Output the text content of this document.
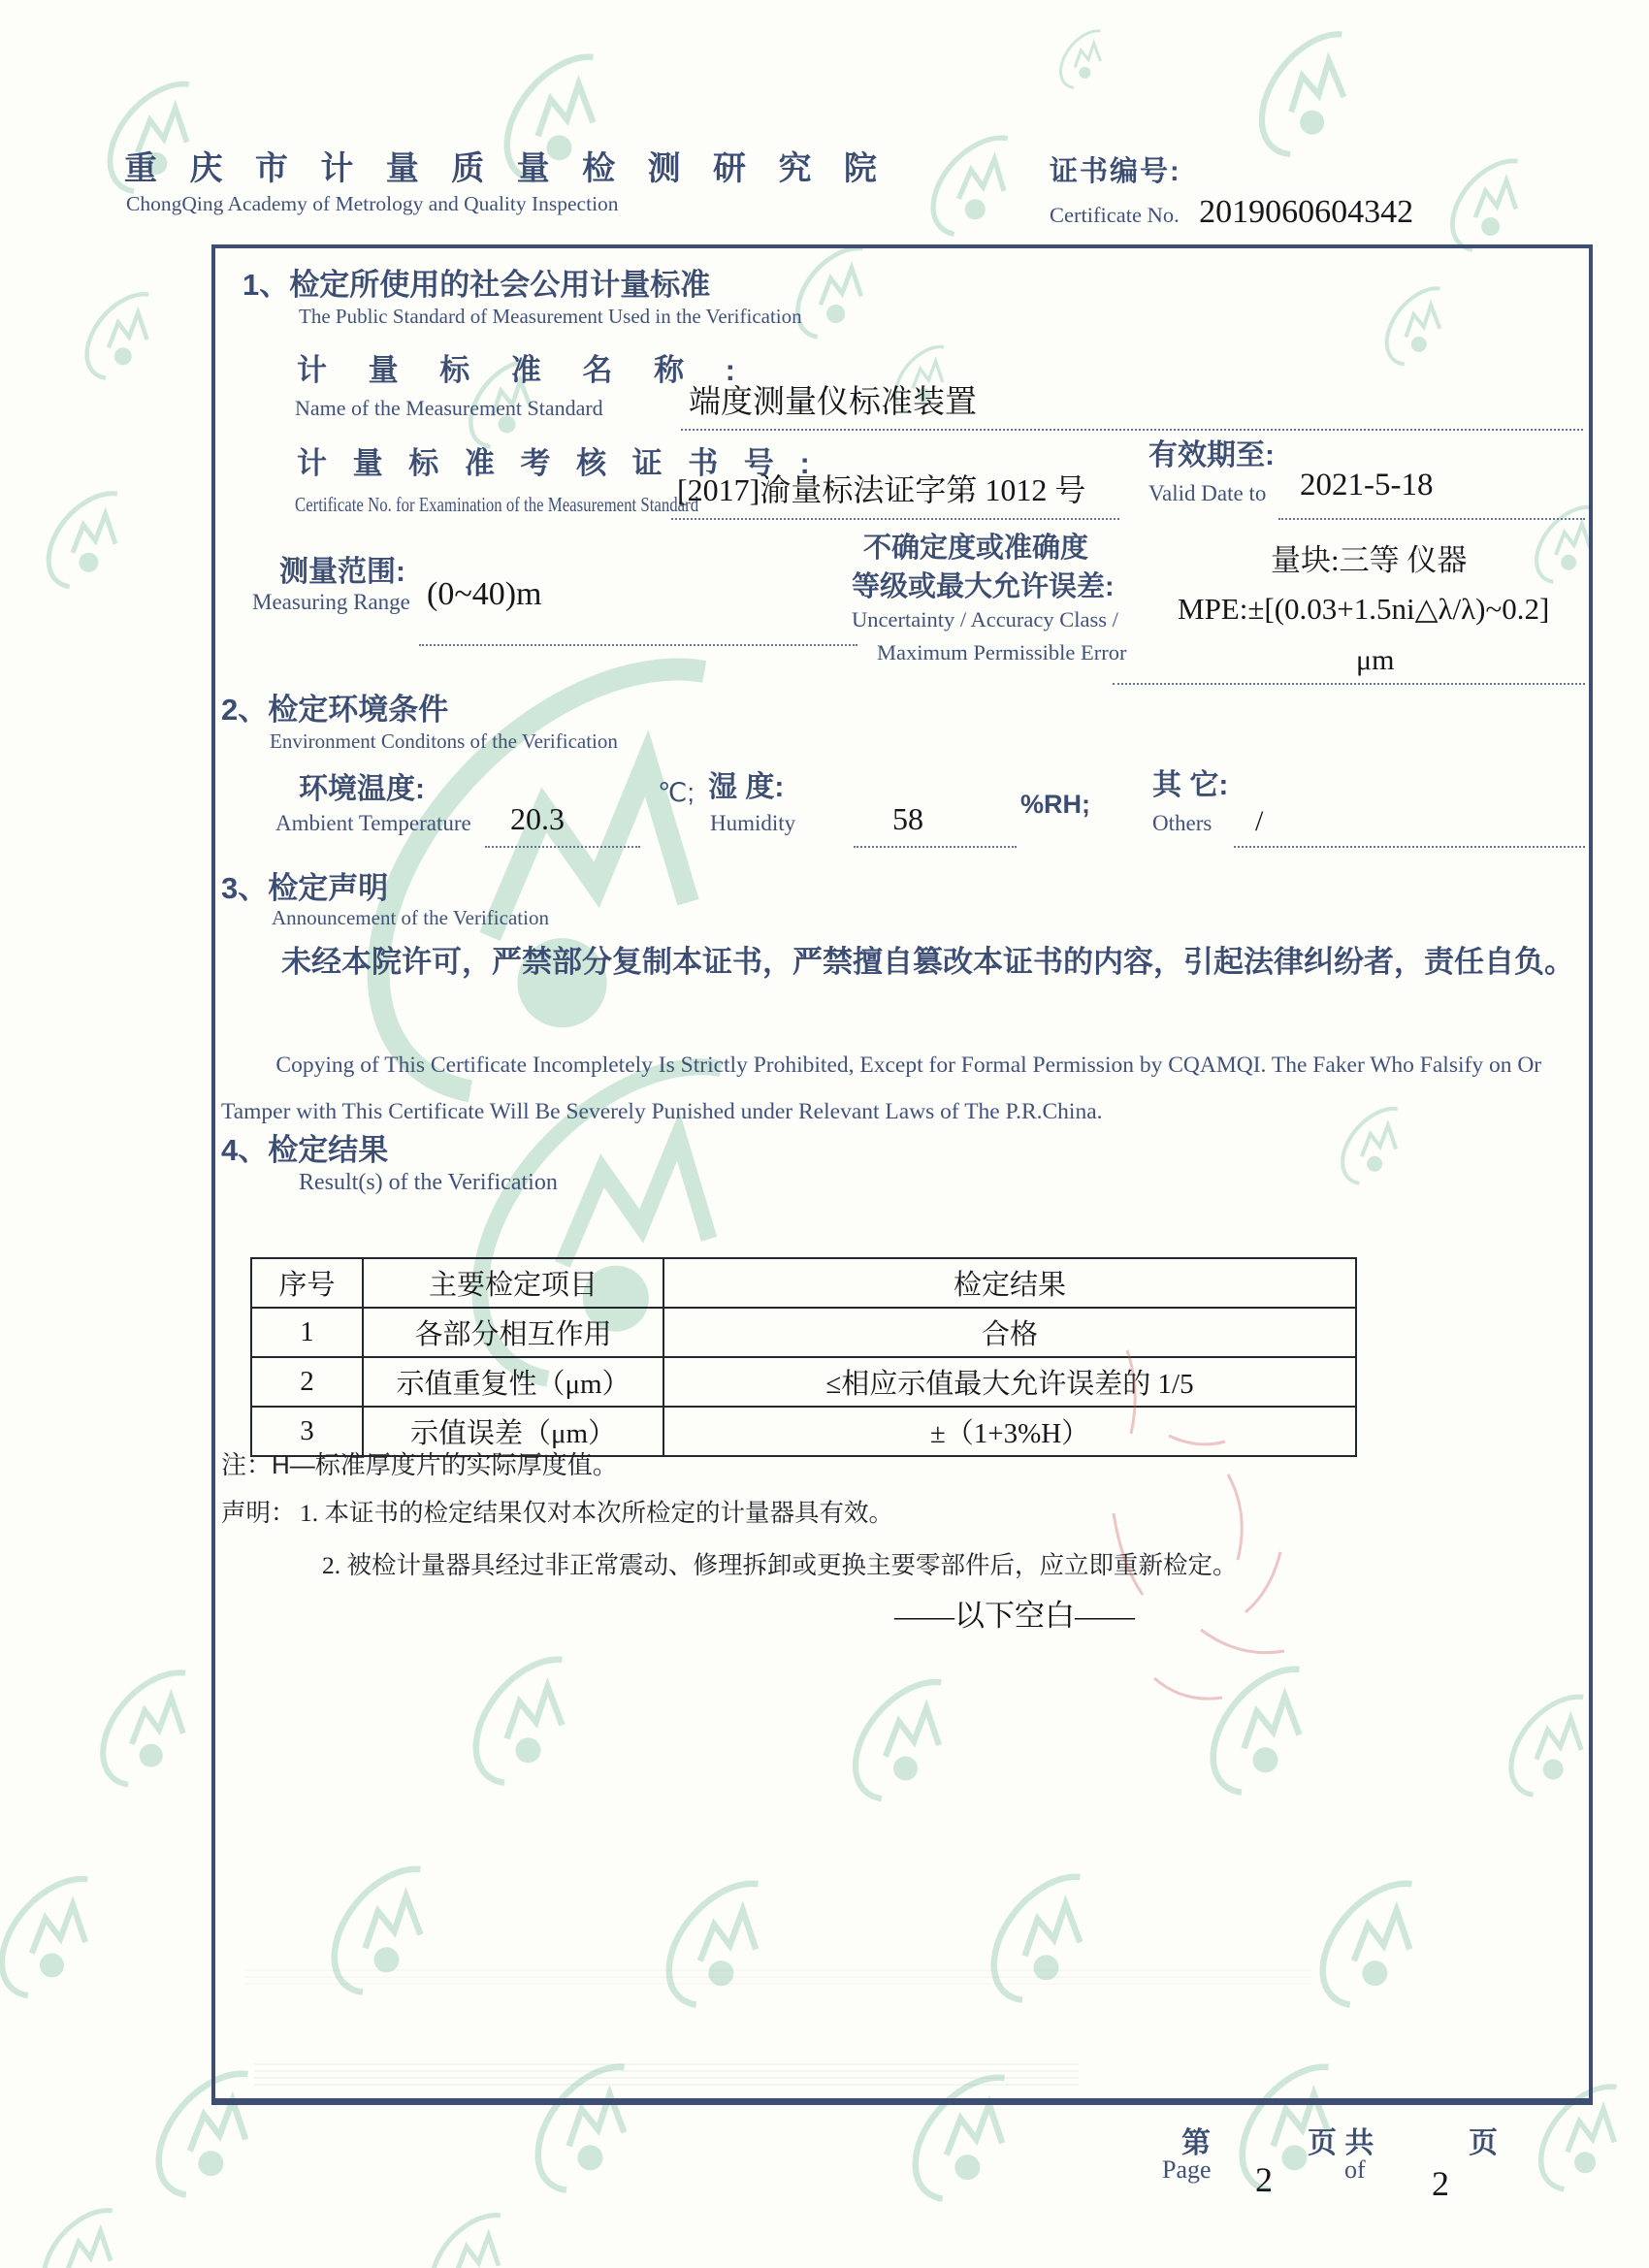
重 庆 市 计 量 质 量 检 测 研 究 院
ChongQing Academy of Metrology and Quality Inspection
证书编号:
Certificate No. 2019060604342
1、检定所使用的社会公用计量标准
The Public Standard of Measurement Used in the Verification
计 量 标 准 名 称 :
Name of the Measurement Standard	端度测量仪标准装置
计 量 标 准 考 核 证 书 号 :
Certificate No. for Examination of the Measurement Standard
[2017]渝量标法证字第 1012 号
有效期至:
Valid Date to 2021-5-18
测量范围:
Measuring Range (0~40)m
不确定度或准确度
等级或最大允许误差:
Uncertainty / Accuracy Class /
Maximum Permissible Error
量块:三等 仪器
MPE:±[(0.03+1.5ni△λ/λ)~0.2]
μm
2、检定环境条件
Environment Conditons of the Verification
环境温度:
Ambient Temperature 20.3
℃; 湿 度:
Humidity	58	%RH;
其 它:
Others /
3、检定声明
Announcement of the Verification
未经本院许可，严禁部分复制本证书，严禁擅自篡改本证书的内容，引起法律纠纷者，责任自负。
Copying of This Certificate Incompletely Is Strictly Prohibited, Except for Formal Permission by CQAMQI. The Faker Who Falsify on Or Tamper with This Certificate Will Be Severely Punished under Relevant Laws of The P.R.China.
4、检定结果
Result(s) of the Verification
序号	主要检定项目	检定结果
1	各部分相互作用	合格
2	示值重复性（μm）	≤相应示值最大允许误差的 1/5
3	示值误差（μm）	±（1+3%H）
注：H—标准厚度片的实际厚度值。
声明： 1. 本证书的检定结果仅对本次所检定的计量器具有效。
2. 被检计量器具经过非正常震动、修理拆卸或更换主要零部件后，应立即重新检定。
——以下空白——
第	页 共	页
Page	of
2	2
